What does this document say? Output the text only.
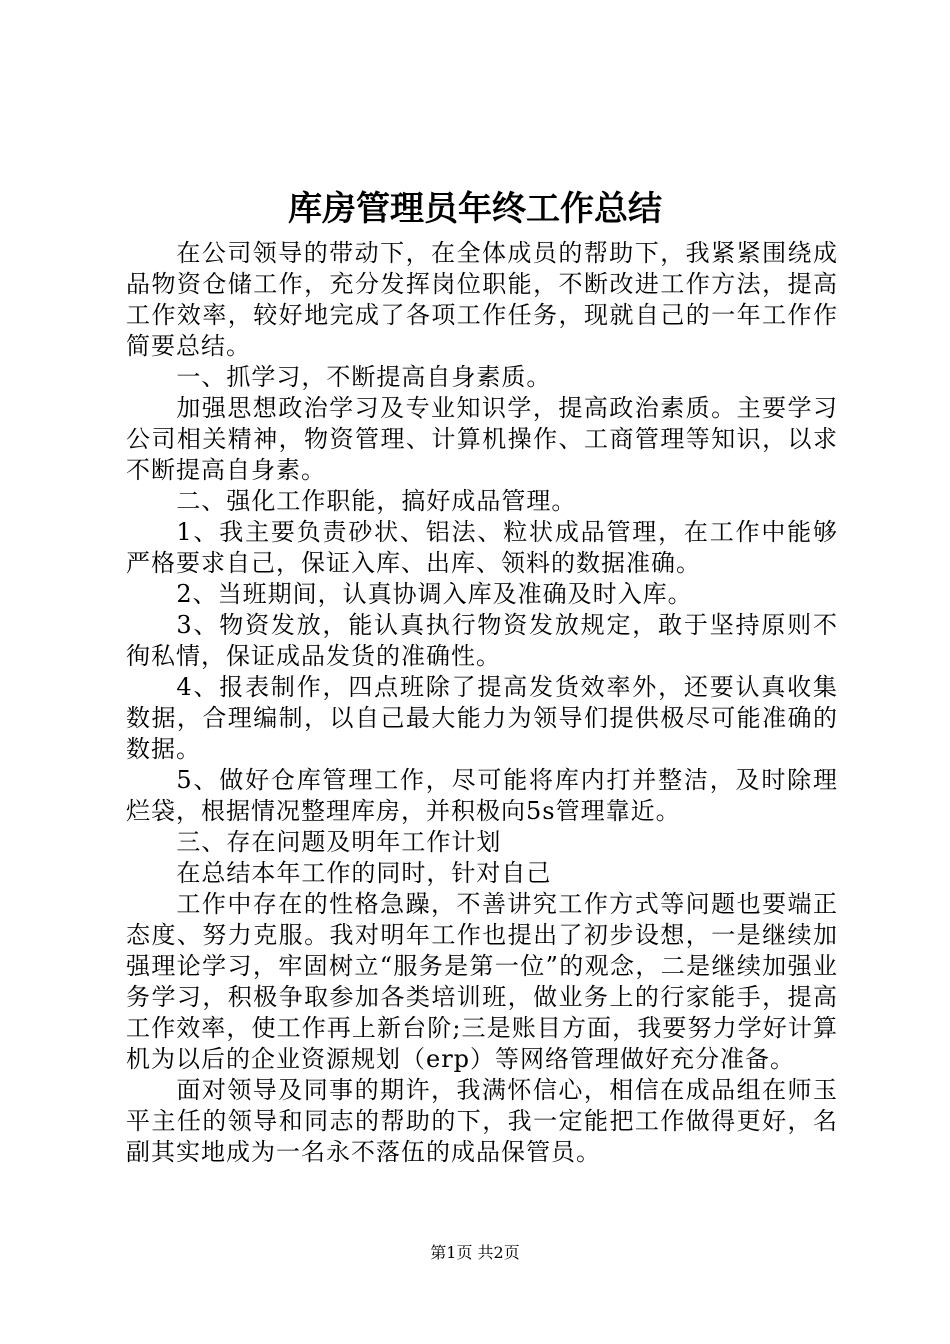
库房管理员年终工作总结

在公司领导的带动下，在全体成员的帮助下，我紧紧围绕成品物资仓储工作，充分发挥岗位职能，不断改进工作方法，提高工作效率，较好地完成了各项工作任务，现就自己的一年工作作简要总结。

一、抓学习，不断提高自身素质。

加强思想政治学习及专业知识学，提高政治素质。主要学习公司相关精神，物资管理、计算机操作、工商管理等知识，以求不断提高自身素。

二、强化工作职能，搞好成品管理。

1、我主要负责砂状、铝法、粒状成品管理，在工作中能够严格要求自己，保证入库、出库、领料的数据准确。

2、当班期间，认真协调入库及准确及时入库。

3、物资发放，能认真执行物资发放规定，敢于坚持原则不徇私情，保证成品发货的准确性。

4、报表制作，四点班除了提高发货效率外，还要认真收集数据，合理编制，以自己最大能力为领导们提供极尽可能准确的数据。

5、做好仓库管理工作，尽可能将库内打并整洁，及时除理烂袋，根据情况整理库房，并积极向5s管理靠近。

三、存在问题及明年工作计划

在总结本年工作的同时，针对自己

工作中存在的性格急躁，不善讲究工作方式等问题也要端正态度、努力克服。我对明年工作也提出了初步设想，一是继续加强理论学习，牢固树立“服务是第一位”的观念，二是继续加强业务学习，积极争取参加各类培训班，做业务上的行家能手，提高工作效率，使工作再上新台阶;三是账目方面，我要努力学好计算机为以后的企业资源规划（erp）等网络管理做好充分准备。

面对领导及同事的期许，我满怀信心，相信在成品组在师玉平主任的领导和同志的帮助的下，我一定能把工作做得更好，名副其实地成为一名永不落伍的成品保管员。

第1页 共2页
